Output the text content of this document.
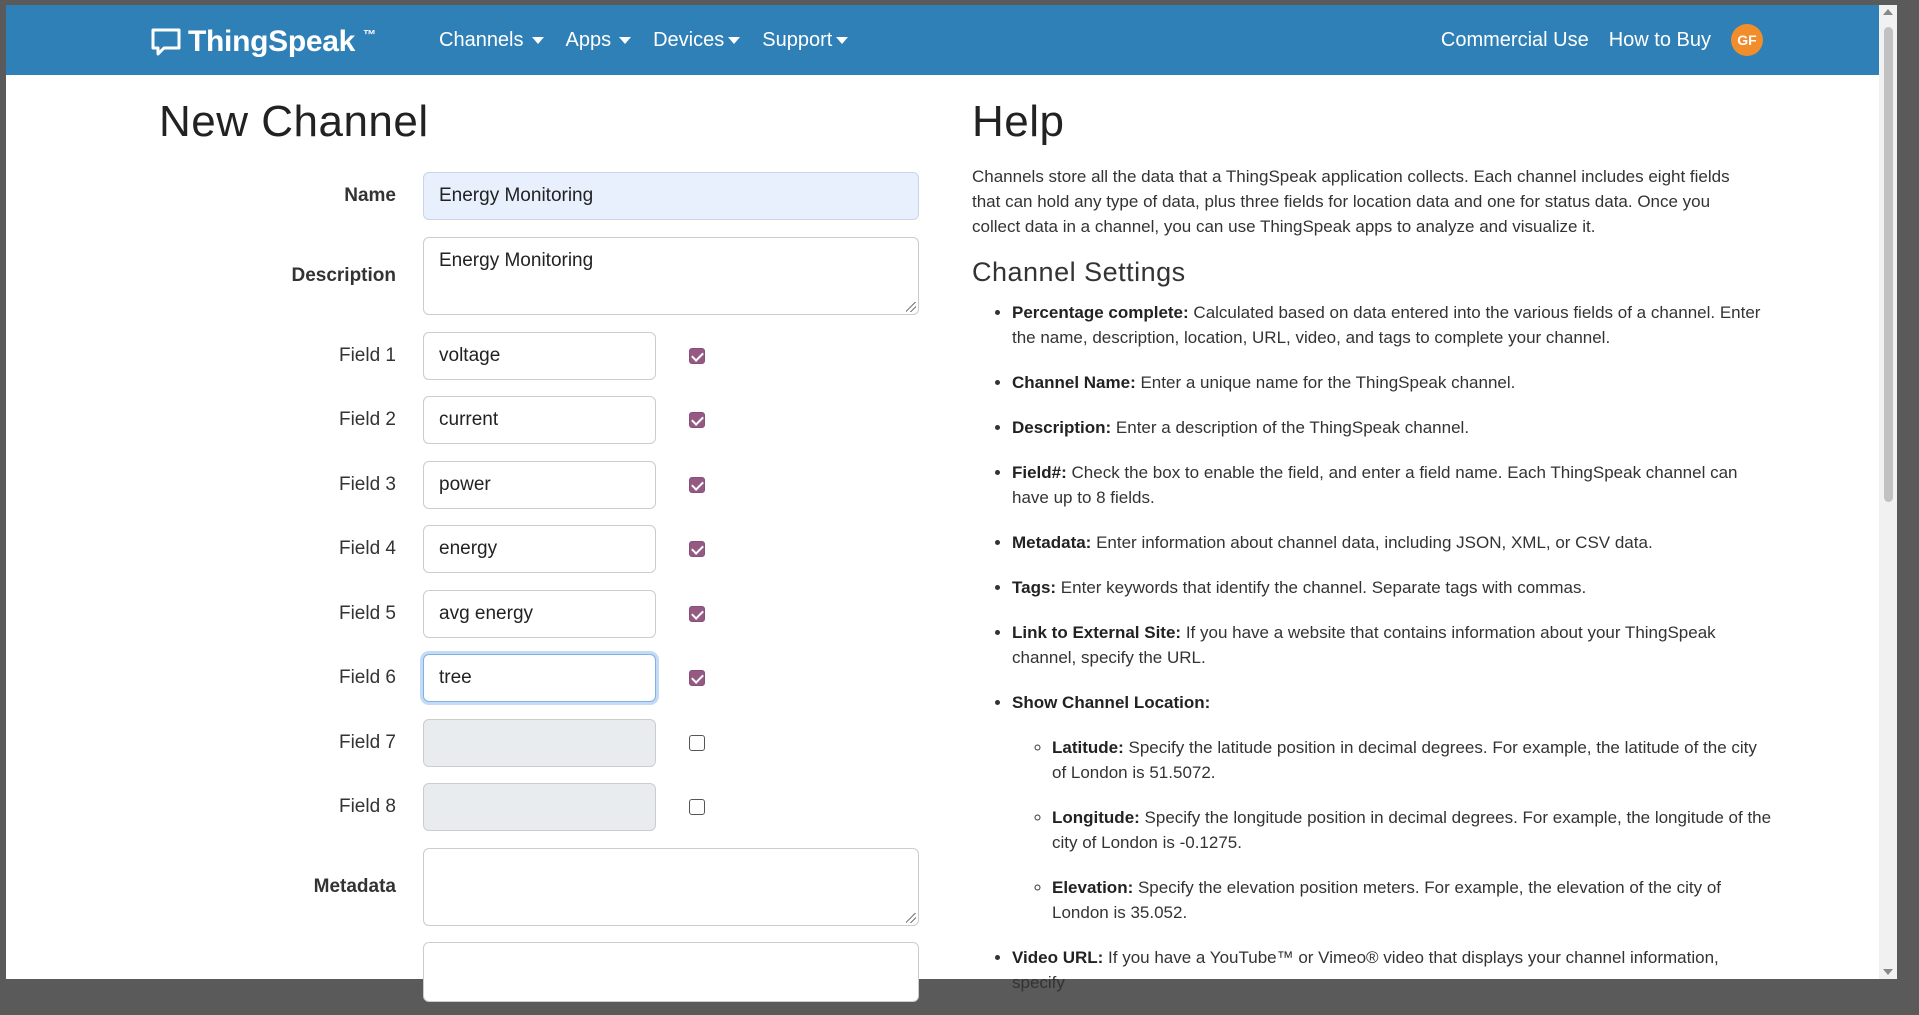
ThingSpeak ™	Channels Apps Devices Support	Commercial Use How to Buy	GF
New Channel
Name Energy Monitoring
Description
Energy Monitoring
Field 1 voltage
Field 2 current
Field 3 power
Field 4 energy
Field 5 avg energy
Field 6 tree
Field 7
Field 8
Metadata
Help

Channels store all the data that a ThingSpeak application collects. Each channel includes eight fields that can hold any type of data, plus three fields for location data and one for status data. Once you collect data in a channel, you can use ThingSpeak apps to analyze and visualize it.

Channel Settings
• Percentage complete: Calculated based on data entered into the various fields of a channel. Enter the name, description, location, URL, video, and tags to complete your channel.
• Channel Name: Enter a unique name for the ThingSpeak channel.
• Description: Enter a description of the ThingSpeak channel.
• Field#: Check the box to enable the field, and enter a field name. Each ThingSpeak channel can have up to 8 fields.
• Metadata: Enter information about channel data, including JSON, XML, or CSV data.
• Tags: Enter keywords that identify the channel. Separate tags with commas.
• Link to External Site: If you have a website that contains information about your ThingSpeak channel, specify the URL.
• Show Channel Location:
◦ Latitude: Specify the latitude position in decimal degrees. For example, the latitude of the city of London is 51.5072.
◦ Longitude: Specify the longitude position in decimal degrees. For example, the longitude of the city of London is -0.1275.
◦ Elevation: Specify the elevation position meters. For example, the elevation of the city of London is 35.052.
• Video URL: If you have a YouTube™ or Vimeo® video that displays your channel information, specify
